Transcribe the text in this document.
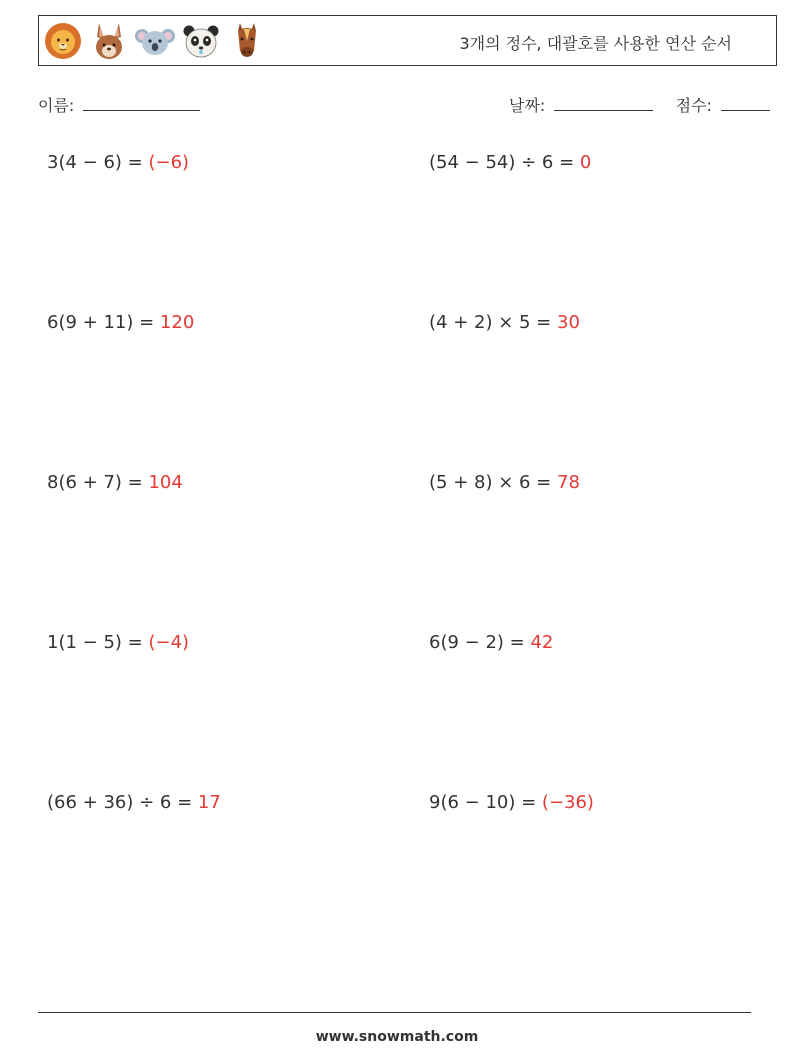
3개의 정수, 대괄호를 사용한 연산 순서
이름:	날짜:	점수:
3(4 − 6) = (−6)	(54 − 54) ÷ 6 = 0
6(9 + 11) = 120	(4 + 2) × 5 = 30
8(6 + 7) = 104	(5 + 8) × 6 = 78
1(1 − 5) = (−4)	6(9 − 2) = 42
(66 + 36) ÷ 6 = 17	9(6 − 10) = (−36)
www.snowmath.com
